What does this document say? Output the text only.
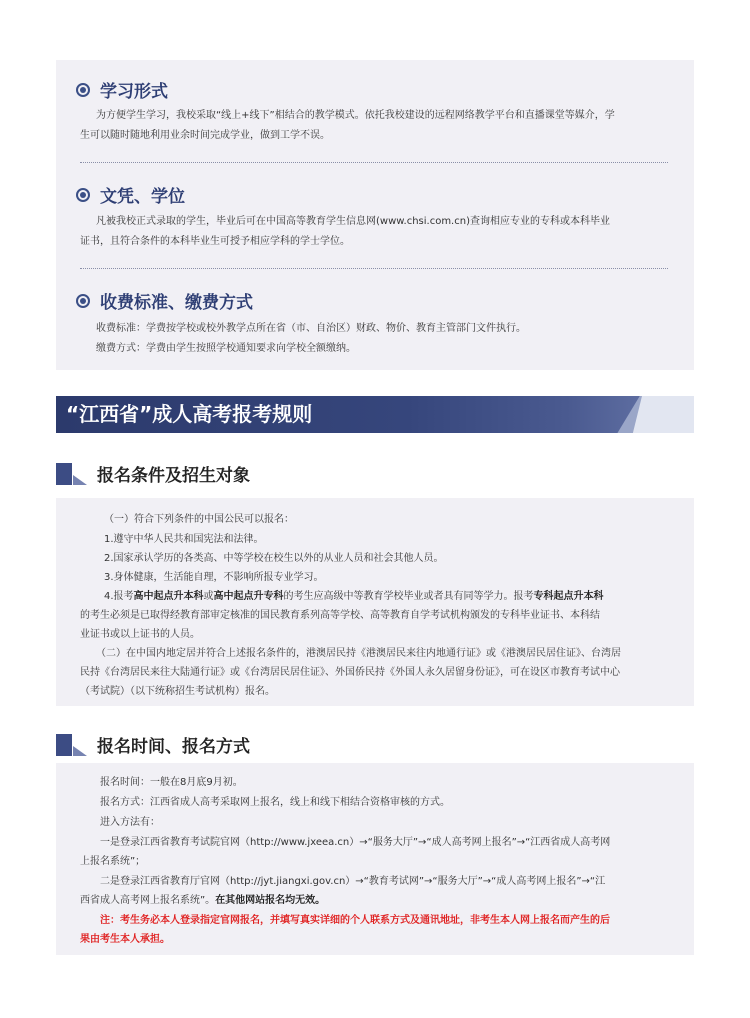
学习形式
为方便学生学习，我校采取“线上+线下”相结合的教学模式。依托我校建设的远程网络教学平台和直播课堂等媒介，学
生可以随时随地利用业余时间完成学业，做到工学不误。
文凭、学位
凡被我校正式录取的学生，毕业后可在中国高等教育学生信息网(www.chsi.com.cn)查询相应专业的专科或本科毕业
证书，且符合条件的本科毕业生可授予相应学科的学士学位。
收费标准、缴费方式
收费标准：学费按学校或校外教学点所在省（市、自治区）财政、物价、教育主管部门文件执行。
缴费方式：学费由学生按照学校通知要求向学校全额缴纳。
“江西省”成人高考报考规则
报名条件及招生对象
（一）符合下列条件的中国公民可以报名：
1.遵守中华人民共和国宪法和法律。
2.国家承认学历的各类高、中等学校在校生以外的从业人员和社会其他人员。
3.身体健康，生活能自理，不影响所报专业学习。
4.报考高中起点升本科或高中起点升专科的考生应高级中等教育学校毕业或者具有同等学力。报考专科起点升本科
的考生必须是已取得经教育部审定核准的国民教育系列高等学校、高等教育自学考试机构颁发的专科毕业证书、本科结
业证书或以上证书的人员。
（二）在中国内地定居并符合上述报名条件的，港澳居民持《港澳居民来往内地通行证》或《港澳居民居住证》、台湾居
民持《台湾居民来往大陆通行证》或《台湾居民居住证》、外国侨民持《外国人永久居留身份证》，可在设区市教育考试中心
（考试院）（以下统称招生考试机构）报名。
报名时间、报名方式
报名时间：一般在8月底9月初。
报名方式：江西省成人高考采取网上报名，线上和线下相结合资格审核的方式。
进入方法有：
一是登录江西省教育考试院官网（http://www.jxeea.cn）→“服务大厅”→“成人高考网上报名”→“江西省成人高考网
上报名系统”；
二是登录江西省教育厅官网（http://jyt.jiangxi.gov.cn）→“教育考试网”→“服务大厅”→“成人高考网上报名”→“江
西省成人高考网上报名系统”。在其他网站报名均无效。
注：考生务必本人登录指定官网报名，并填写真实详细的个人联系方式及通讯地址，非考生本人网上报名而产生的后
果由考生本人承担。
